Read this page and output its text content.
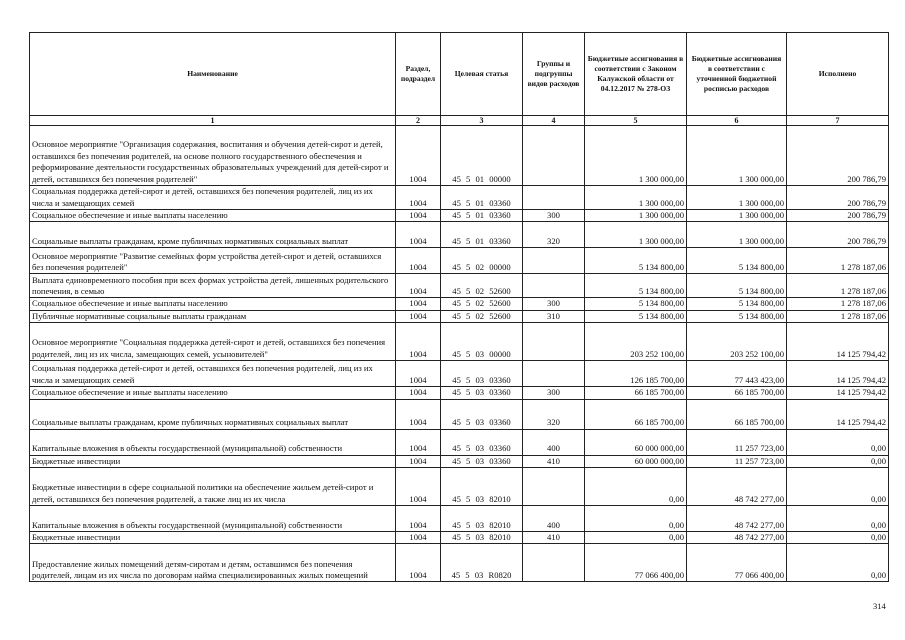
Наименование	Раздел, подраздел	Целевая статья	Группы и подгруппы видов расходов	Бюджетные ассигнования в соответствии с Законом Калужской области от 04.12.2017 № 278-ОЗ	Бюджетные ассигнования в соответствии с уточненной бюджетной росписью расходов	Исполнено
1	2	3	4	5	6	7
Основное мероприятие "Организация содержания, воспитания и обучения детей-сирот и детей, оставшихся без попечения родителей, на основе полного государственного обеспечения и реформирование деятельности государственных образовательных учреждений для детей-сирот и детей, оставшихся без попечения родителей"	1004	45 5 01 00000		1 300 000,00	1 300 000,00	200 786,79
Социальная поддержка детей-сирот и детей, оставшихся без попечения родителей, лиц из их числа и замещающих семей	1004	45 5 01 03360		1 300 000,00	1 300 000,00	200 786,79
Социальное обеспечение и иные выплаты населению	1004	45 5 01 03360	300	1 300 000,00	1 300 000,00	200 786,79
Социальные выплаты гражданам, кроме публичных нормативных социальных выплат	1004	45 5 01 03360	320	1 300 000,00	1 300 000,00	200 786,79
Основное мероприятие "Развитие семейных форм устройства детей-сирот и детей, оставшихся без попечения родителей"	1004	45 5 02 00000		5 134 800,00	5 134 800,00	1 278 187,06
Выплата единовременного пособия при всех формах устройства детей, лишенных родительского попечения, в семью	1004	45 5 02 52600		5 134 800,00	5 134 800,00	1 278 187,06
Социальное обеспечение и иные выплаты населению	1004	45 5 02 52600	300	5 134 800,00	5 134 800,00	1 278 187,06
Публичные нормативные социальные выплаты гражданам	1004	45 5 02 52600	310	5 134 800,00	5 134 800,00	1 278 187,06
Основное мероприятие "Социальная поддержка детей-сирот и детей, оставшихся без попечения родителей, лиц из их числа, замещающих семей, усыновителей"	1004	45 5 03 00000		203 252 100,00	203 252 100,00	14 125 794,42
Социальная поддержка детей-сирот и детей, оставшихся без попечения родителей, лиц из их числа и замещающих семей	1004	45 5 03 03360		126 185 700,00	77 443 423,00	14 125 794,42
Социальное обеспечение и иные выплаты населению	1004	45 5 03 03360	300	66 185 700,00	66 185 700,00	14 125 794,42
Социальные выплаты гражданам, кроме публичных нормативных социальных выплат	1004	45 5 03 03360	320	66 185 700,00	66 185 700,00	14 125 794,42
Капитальные вложения в объекты государственной (муниципальной) собственности	1004	45 5 03 03360	400	60 000 000,00	11 257 723,00	0,00
Бюджетные инвестиции	1004	45 5 03 03360	410	60 000 000,00	11 257 723,00	0,00
Бюджетные инвестиции в сфере социальной политики на обеспечение жильем детей-сирот и детей, оставшихся без попечения родителей, а также лиц из их числа	1004	45 5 03 82010		0,00	48 742 277,00	0,00
Капитальные вложения в объекты государственной (муниципальной) собственности	1004	45 5 03 82010	400	0,00	48 742 277,00	0,00
Бюджетные инвестиции	1004	45 5 03 82010	410	0,00	48 742 277,00	0,00
Предоставление жилых помещений детям-сиротам и детям, оставшимся без попечения родителей, лицам из их числа по договорам найма специализированных жилых помещений	1004	45 5 03 R0820		77 066 400,00	77 066 400,00	0,00
314
